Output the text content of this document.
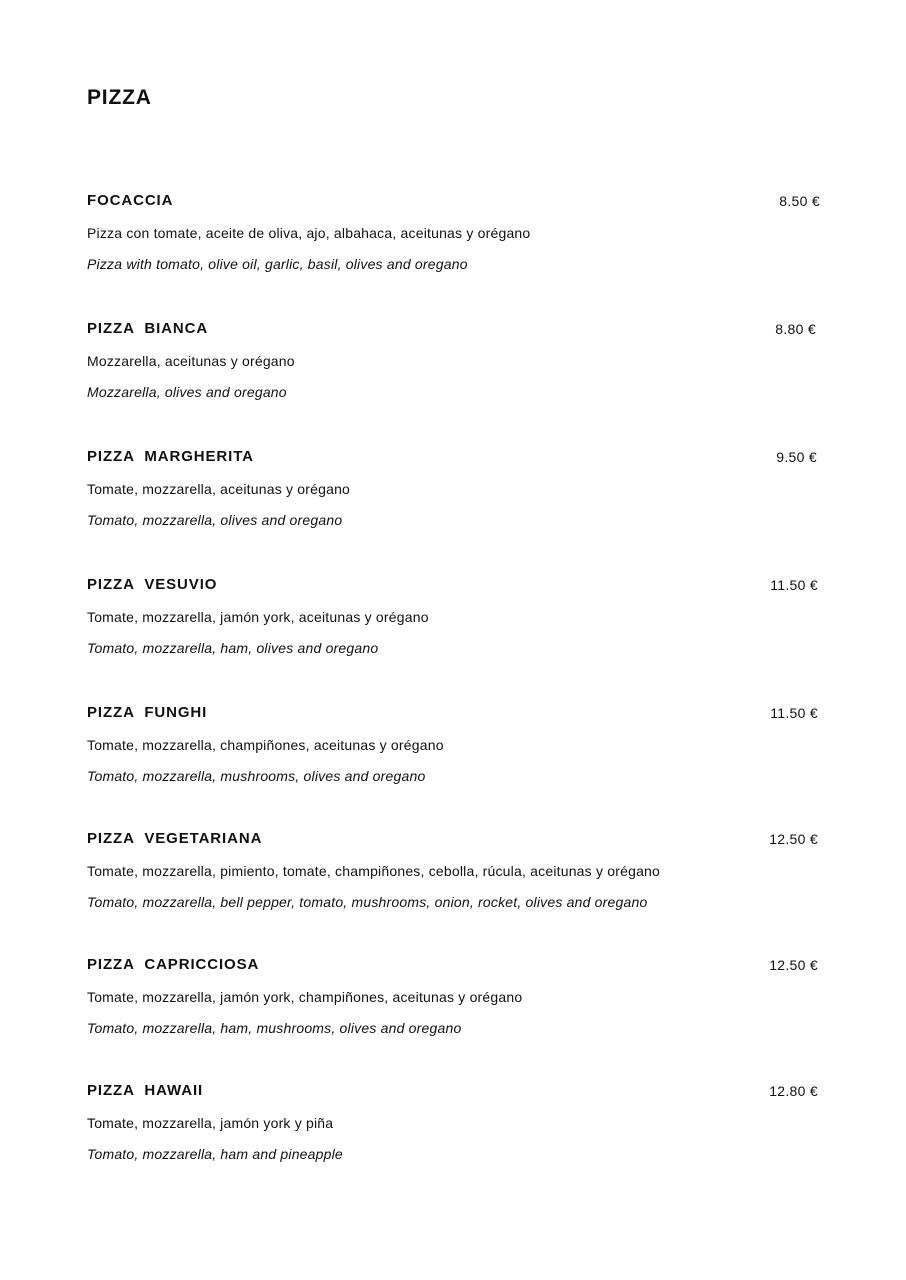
PIZZA
FOCACCIA	8.50 €
Pizza con tomate, aceite de oliva, ajo, albahaca, aceitunas y orégano
Pizza with tomato, olive oil, garlic, basil, olives and oregano
PIZZA BIANCA	8.80 €
Mozzarella, aceitunas y orégano
Mozzarella, olives and oregano
PIZZA MARGHERITA	9.50 €
Tomate, mozzarella, aceitunas y orégano
Tomato, mozzarella, olives and oregano
PIZZA VESUVIO	11.50 €
Tomate, mozzarella, jamón york, aceitunas y orégano
Tomato, mozzarella, ham, olives and oregano
PIZZA FUNGHI	11.50 €
Tomate, mozzarella, champiñones, aceitunas y orégano
Tomato, mozzarella, mushrooms, olives and oregano
PIZZA VEGETARIANA	12.50 €
Tomate, mozzarella, pimiento, tomate, champiñones, cebolla, rúcula, aceitunas y orégano
Tomato, mozzarella, bell pepper, tomato, mushrooms, onion, rocket, olives and oregano
PIZZA CAPRICCIOSA	12.50 €
Tomate, mozzarella, jamón york, champiñones, aceitunas y orégano
Tomato, mozzarella, ham, mushrooms, olives and oregano
PIZZA HAWAII	12.80 €
Tomate, mozzarella, jamón york y piña
Tomato, mozzarella, ham and pineapple
